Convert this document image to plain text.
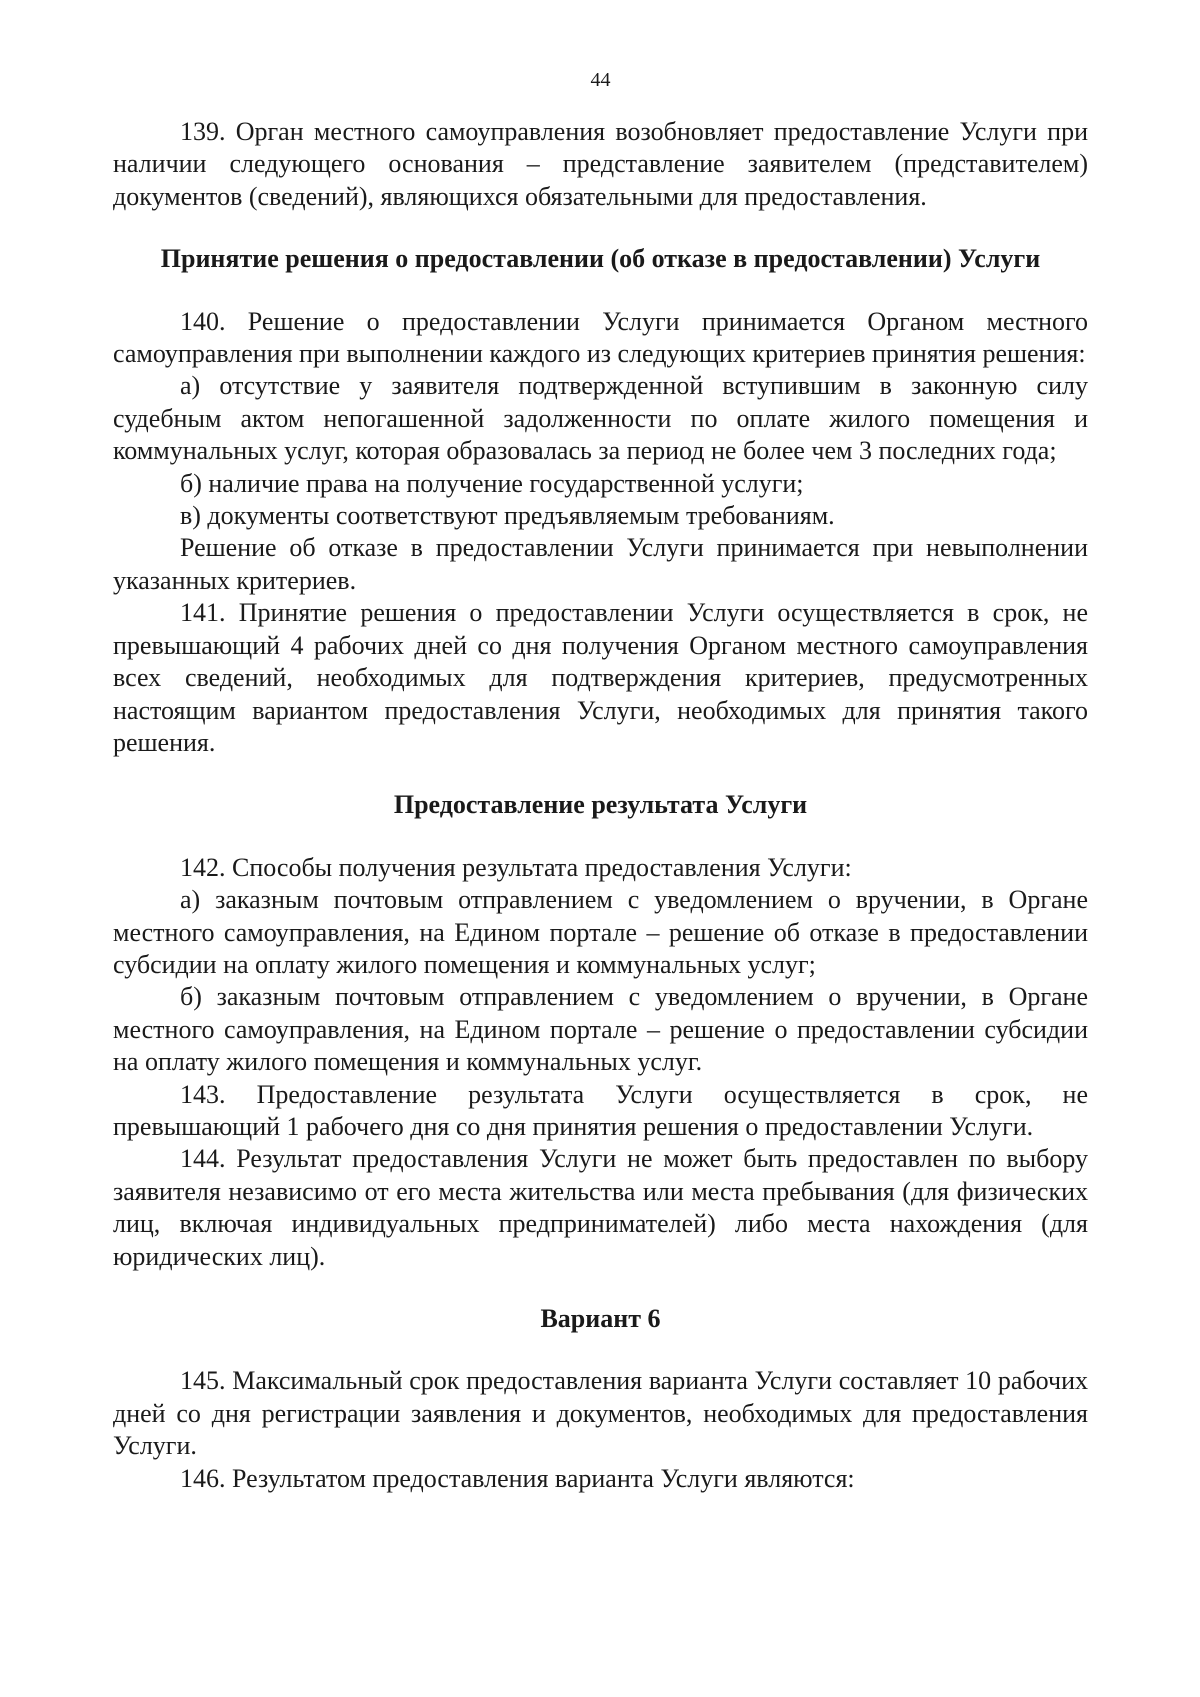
44

139. Орган местного самоуправления возобновляет предоставление Услуги при наличии следующего основания – представление заявителем (представителем) документов (сведений), являющихся обязательными для предоставления.

Принятие решения о предоставлении (об отказе в предоставлении) Услуги

140. Решение о предоставлении Услуги принимается Органом местного самоуправления при выполнении каждого из следующих критериев принятия решения:

а) отсутствие у заявителя подтвержденной вступившим в законную силу судебным актом непогашенной задолженности по оплате жилого помещения и коммунальных услуг, которая образовалась за период не более чем 3 последних года;

б) наличие права на получение государственной услуги;

в) документы соответствуют предъявляемым требованиям.

Решение об отказе в предоставлении Услуги принимается при невыполнении указанных критериев.

141. Принятие решения о предоставлении Услуги осуществляется в срок, не превышающий 4 рабочих дней со дня получения Органом местного самоуправления всех сведений, необходимых для подтверждения критериев, предусмотренных настоящим вариантом предоставления Услуги, необходимых для принятия такого решения.

Предоставление результата Услуги

142. Способы получения результата предоставления Услуги:

а) заказным почтовым отправлением с уведомлением о вручении, в Органе местного самоуправления, на Едином портале – решение об отказе в предоставлении субсидии на оплату жилого помещения и коммунальных услуг;

б) заказным почтовым отправлением с уведомлением о вручении, в Органе местного самоуправления, на Едином портале – решение о предоставлении субсидии на оплату жилого помещения и коммунальных услуг.

143. Предоставление результата Услуги осуществляется в срок, не превышающий 1 рабочего дня со дня принятия решения о предоставлении Услуги.

144. Результат предоставления Услуги не может быть предоставлен по выбору заявителя независимо от его места жительства или места пребывания (для физических лиц, включая индивидуальных предпринимателей) либо места нахождения (для юридических лиц).

Вариант 6

145. Максимальный срок предоставления варианта Услуги составляет 10 рабочих дней со дня регистрации заявления и документов, необходимых для предоставления Услуги.

146. Результатом предоставления варианта Услуги являются:
